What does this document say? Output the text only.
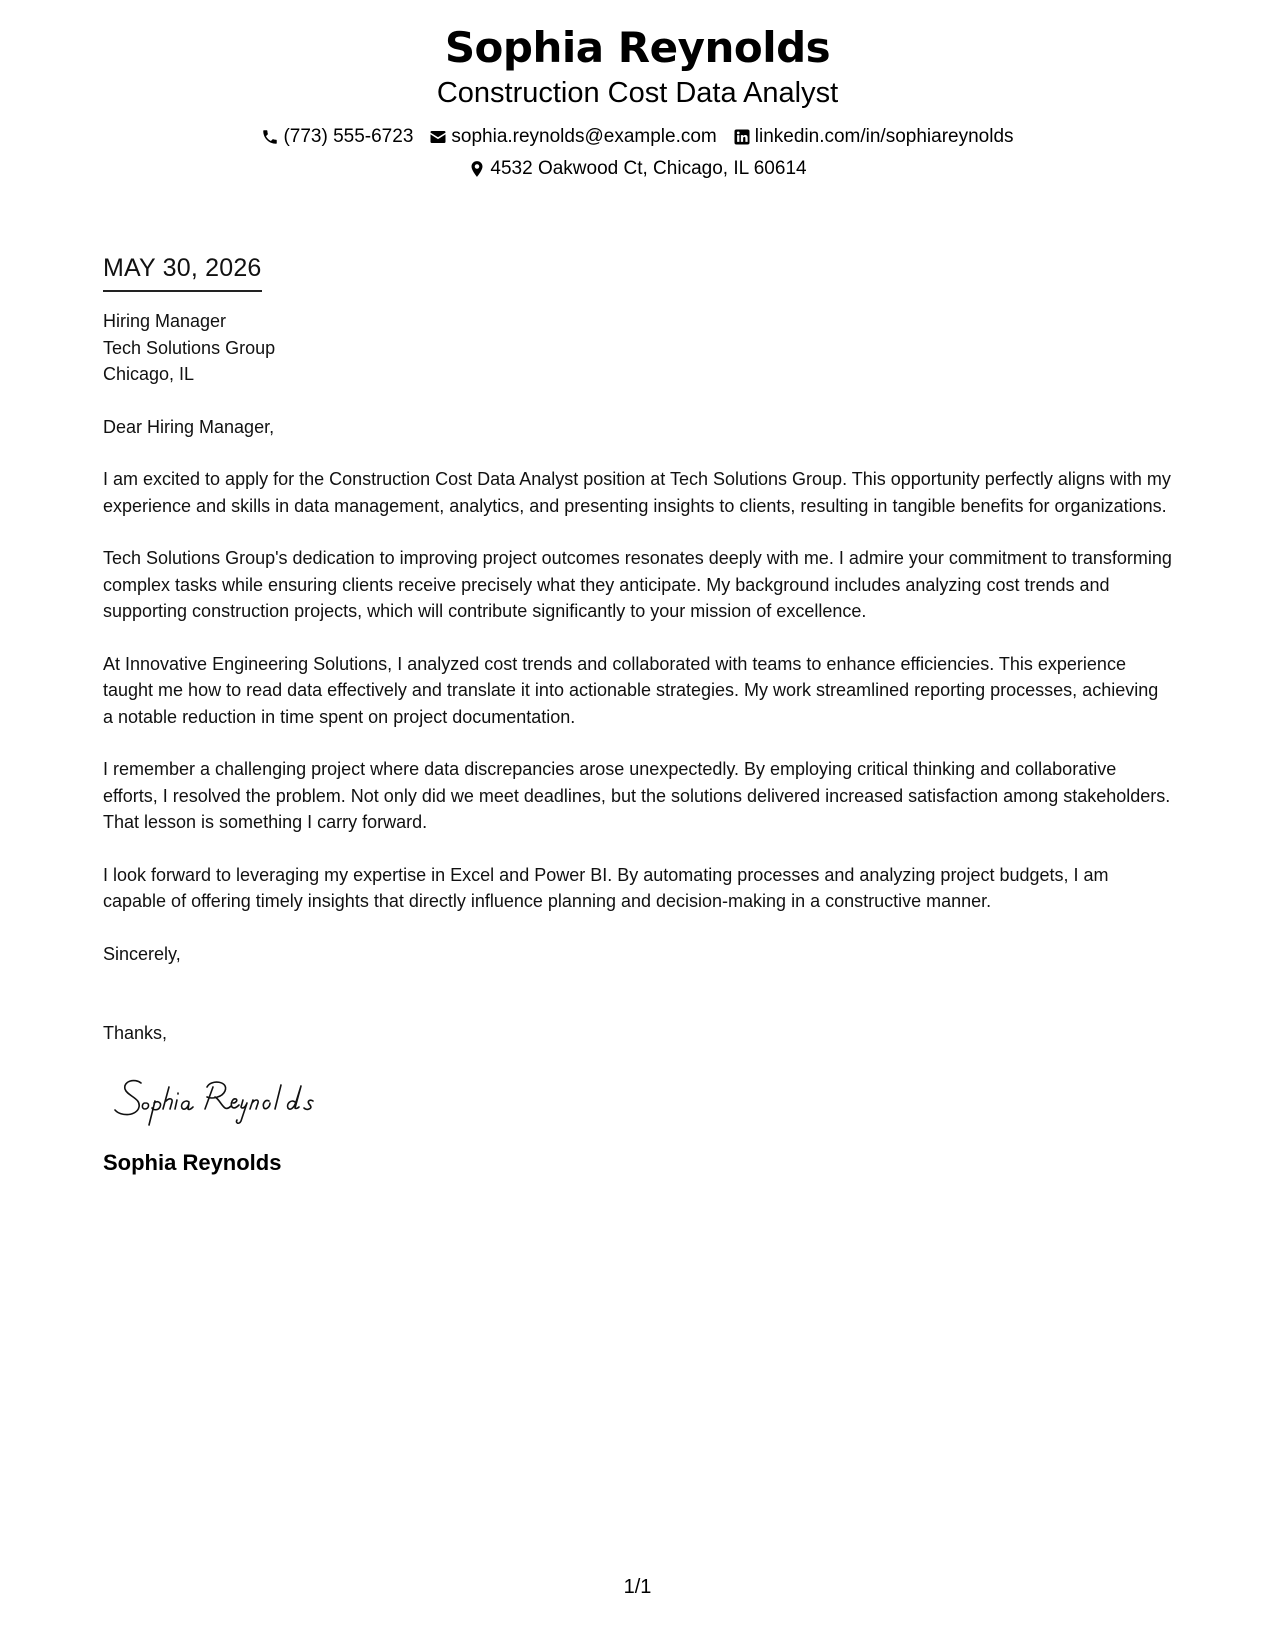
Sophia Reynolds
Construction Cost Data Analyst
(773) 555-6723 sophia.reynolds@example.com linkedin.com/in/sophiareynolds
4532 Oakwood Ct, Chicago, IL 60614
MAY 30, 2026
Hiring Manager
Tech Solutions Group
Chicago, IL
Dear Hiring Manager,

I am excited to apply for the Construction Cost Data Analyst position at Tech Solutions Group. This opportunity perfectly aligns with my experience and skills in data management, analytics, and presenting insights to clients, resulting in tangible benefits for organizations.

Tech Solutions Group's dedication to improving project outcomes resonates deeply with me. I admire your commitment to transforming complex tasks while ensuring clients receive precisely what they anticipate. My background includes analyzing cost trends and supporting construction projects, which will contribute significantly to your mission of excellence.

At Innovative Engineering Solutions, I analyzed cost trends and collaborated with teams to enhance efficiencies. This experience taught me how to read data effectively and translate it into actionable strategies. My work streamlined reporting processes, achieving a notable reduction in time spent on project documentation.

I remember a challenging project where data discrepancies arose unexpectedly. By employing critical thinking and collaborative efforts, I resolved the problem. Not only did we meet deadlines, but the solutions delivered increased satisfaction among stakeholders. That lesson is something I carry forward.

I look forward to leveraging my expertise in Excel and Power BI. By automating processes and analyzing project budgets, I am capable of offering timely insights that directly influence planning and decision-making in a constructive manner.

Sincerely,
Thanks,
Sophia Reynolds
1/1
